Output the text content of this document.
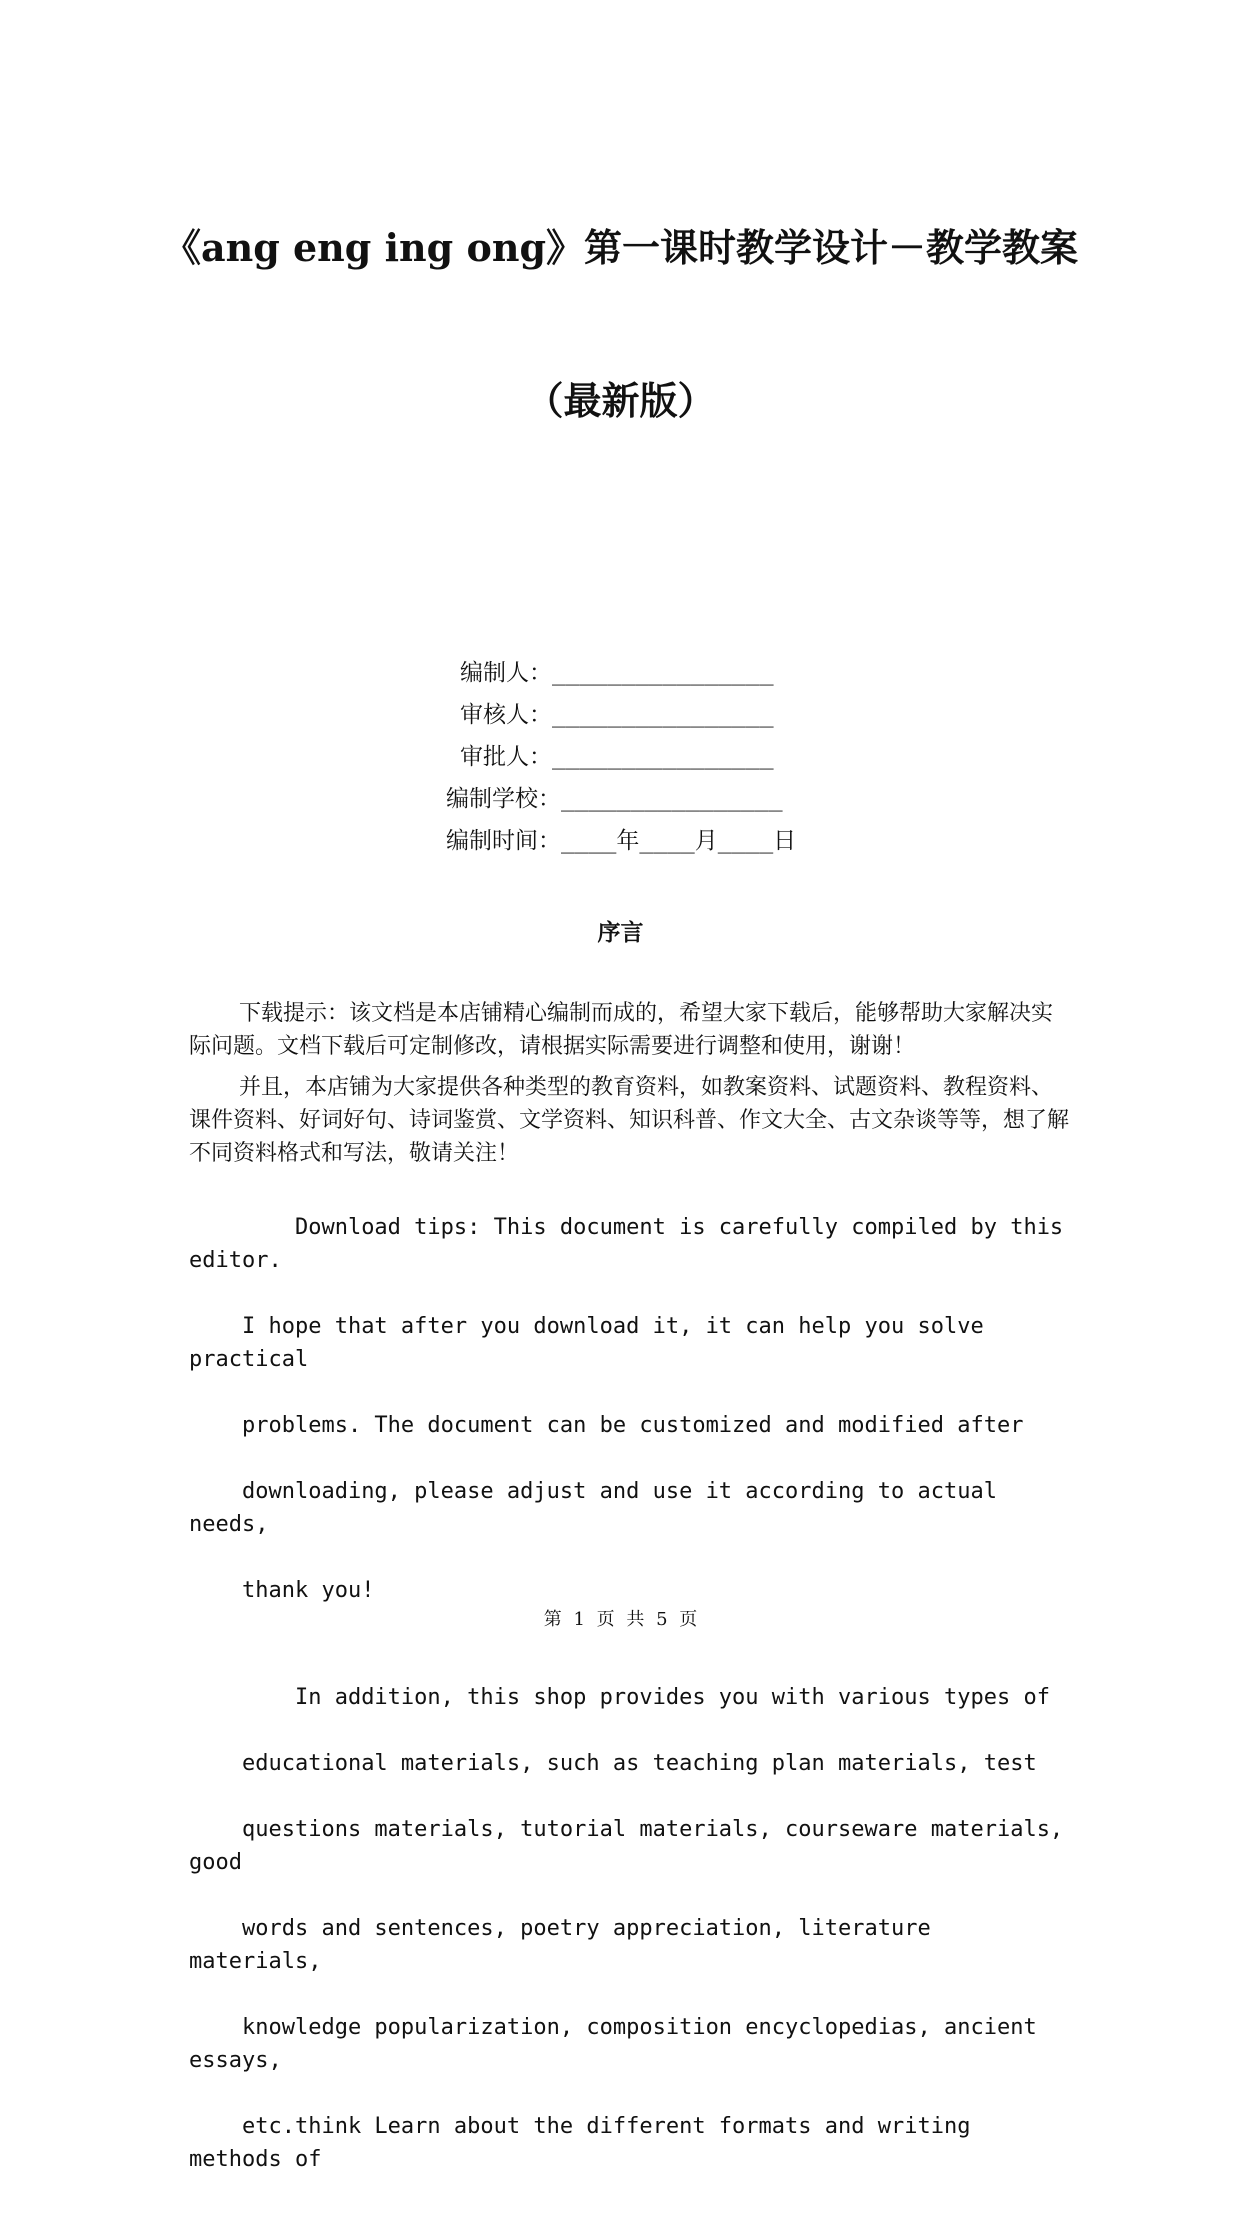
《ang eng ing ong》第一课时教学设计－教学教案
（最新版）
编制人：________________
审核人：________________
审批人：________________
编制学校：________________
编制时间：____年____月____日
序言

下载提示：该文档是本店铺精心编制而成的，希望大家下载后，能够帮助大家解决实际问题。文档下载后可定制修改，请根据实际需要进行调整和使用，谢谢！

并且，本店铺为大家提供各种类型的教育资料，如教案资料、试题资料、教程资料、课件资料、好词好句、诗词鉴赏、文学资料、知识科普、作文大全、古文杂谈等等，想了解不同资料格式和写法，敬请关注！

Download tips: This document is carefully compiled by this editor.

I hope that after you download it, it can help you solve practical

problems. The document can be customized and modified after

downloading, please adjust and use it according to actual needs,

thank you!

In addition, this shop provides you with various types of

educational materials, such as teaching plan materials, test

questions materials, tutorial materials, courseware materials, good

words and sentences, poetry appreciation, literature materials,

knowledge popularization, composition encyclopedias, ancient essays,

etc.think Learn about the different formats and writing methods of

第 1 页 共 5 页
